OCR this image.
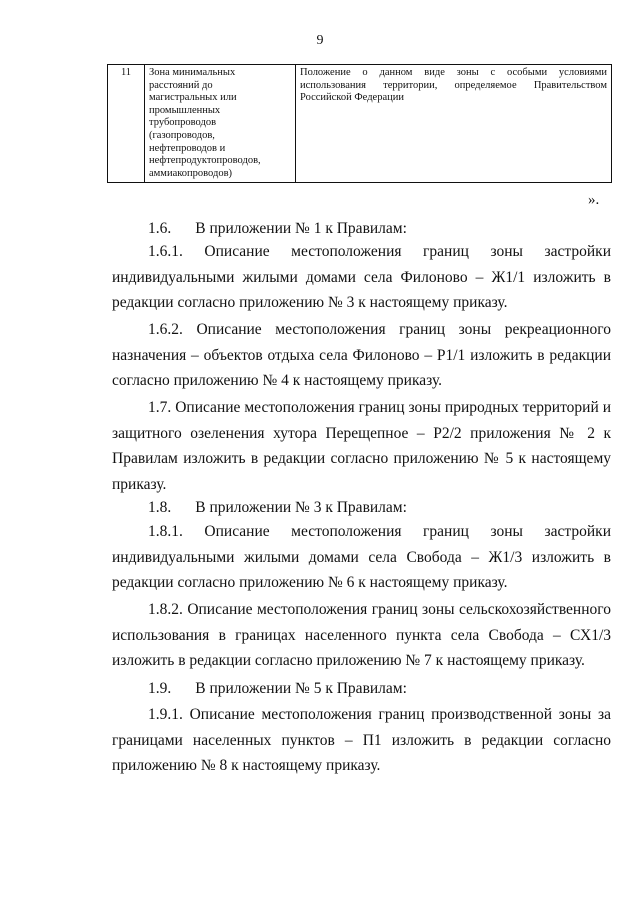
9
11	Зона минимальных
расстояний до
магистральных или
промышленных
трубопроводов
(газопроводов,
нефтепроводов и
нефтепродуктопроводов,
аммиакопроводов)
	Положение о данном виде зоны с особыми условиями использования территории, определяемое Правительством Российской Федерации
».
1.6. В приложении № 1 к Правилам:
1.6.1. Описание местоположения границ зоны застройки
индивидуальными жилыми домами села Филоново – Ж1/1 изложить в
редакции согласно приложению № 3 к настоящему приказу.
1.6.2. Описание местоположения границ зоны рекреационного
назначения – объектов отдыха села Филоново – Р1/1 изложить в редакции
согласно приложению № 4 к настоящему приказу.
1.7. Описание местоположения границ зоны природных территорий и
защитного озеленения хутора Перещепное – Р2/2 приложения № 2 к
Правилам изложить в редакции согласно приложению № 5 к настоящему
приказу.
1.8. В приложении № 3 к Правилам:
1.8.1. Описание местоположения границ зоны застройки
индивидуальными жилыми домами села Свобода – Ж1/3 изложить в
редакции согласно приложению № 6 к настоящему приказу.
1.8.2. Описание местоположения границ зоны сельскохозяйственного
использования в границах населенного пункта села Свобода – СХ1/3
изложить в редакции согласно приложению № 7 к настоящему приказу.
1.9. В приложении № 5 к Правилам:
1.9.1. Описание местоположения границ производственной зоны за
границами населенных пунктов – П1 изложить в редакции согласно
приложению № 8 к настоящему приказу.
